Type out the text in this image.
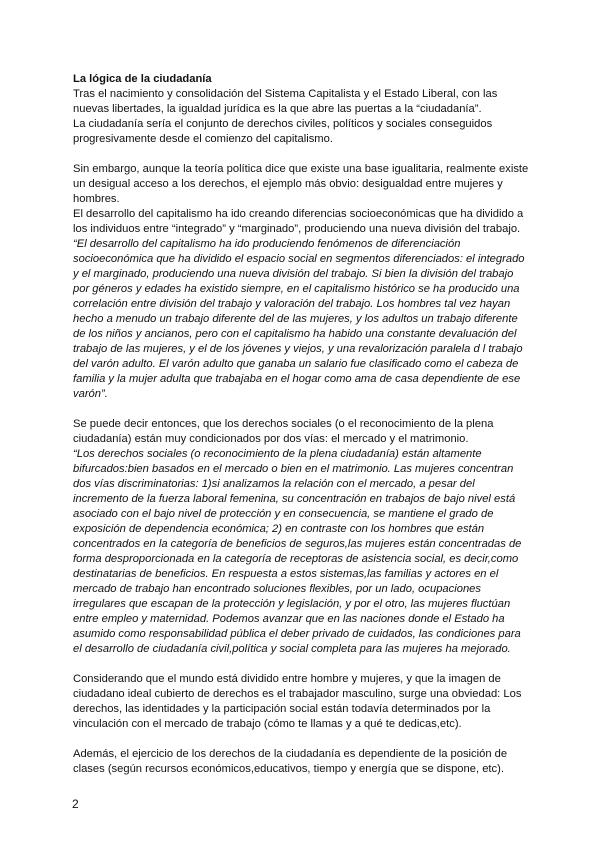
La lógica de la ciudadanía

Tras el nacimiento y consolidación del Sistema Capitalista y el Estado Liberal, con las nuevas libertades, la igualdad jurídica es la que abre las puertas a la “ciudadanía”.

La ciudadanía sería el conjunto de derechos civiles, políticos y sociales conseguidos progresivamente desde el comienzo del capitalismo.

Sin embargo, aunque la teoría política dice que existe una base igualitaria, realmente existe un desigual acceso a los derechos, el ejemplo más obvio: desigualdad entre mujeres y hombres.

El desarrollo del capitalismo ha ido creando diferencias socioeconómicas que ha dividido a los individuos entre “integrado” y “marginado”, produciendo una nueva división del trabajo.

“El desarrollo del capitalismo ha ido produciendo fenómenos de diferenciación socioeconómica que ha dividido el espacio social en segmentos diferenciados: el integrado y el marginado, produciendo una nueva división del trabajo. Si bien la división del trabajo por géneros y edades ha existido siempre, en el capitalismo histórico se ha producido una correlación entre división del trabajo y valoración del trabajo. Los hombres tal vez hayan hecho a menudo un trabajo diferente del de las mujeres, y los adultos un trabajo diferente de los niños y ancianos, pero con el capitalismo ha habido una constante devaluación del trabajo de las mujeres, y el de los jóvenes y viejos, y una revalorización paralela d l trabajo del varón adulto. El varón adulto que ganaba un salario fue clasificado como el cabeza de familia y la mujer adulta que trabajaba en el hogar como ama de casa dependiente de ese varón”.

Se puede decir entonces, que los derechos sociales (o el reconocimiento de la plena ciudadanía) están muy condicionados por dos vías: el mercado y el matrimonio.

“Los derechos sociales (o reconocimiento de la plena ciudadanía) están altamente bifurcados:bien basados en el mercado o bien en el matrimonio. Las mujeres concentran dos vías discriminatorias: 1)si analizamos la relación con el mercado, a pesar del incremento de la fuerza laboral femenina, su concentración en trabajos de bajo nivel está asociado con el bajo nivel de protección y en consecuencia, se mantiene el grado de exposición de dependencia económica; 2) en contraste con los hombres que están concentrados en la categoría de beneficios de seguros,las mujeres están concentradas de forma desproporcionada en la categoría de receptoras de asistencia social, es decir,como destinatarias de beneficios. En respuesta a estos sistemas,las familias y actores en el mercado de trabajo han encontrado soluciones flexibles, por un lado, ocupaciones irregulares que escapan de la protección y legislación, y por el otro, las mujeres fluctúan entre empleo y maternidad. Podemos avanzar que en las naciones donde el Estado ha asumido como responsabilidad pública el deber privado de cuidados, las condiciones para el desarrollo de ciudadanía civil,política y social completa para las mujeres ha mejorado.

Considerando que el mundo está dividido entre hombre y mujeres, y que la imagen de ciudadano ideal cubierto de derechos es el trabajador masculino, surge una obviedad: Los derechos, las identidades y la participación social están todavía determinados por la vinculación con el mercado de trabajo (cómo te llamas y a qué te dedicas,etc).

Además, el ejercicio de los derechos de la ciudadanía es dependiente de la posición de clases (según recursos económicos,educativos, tiempo y energía que se dispone, etc).

2
